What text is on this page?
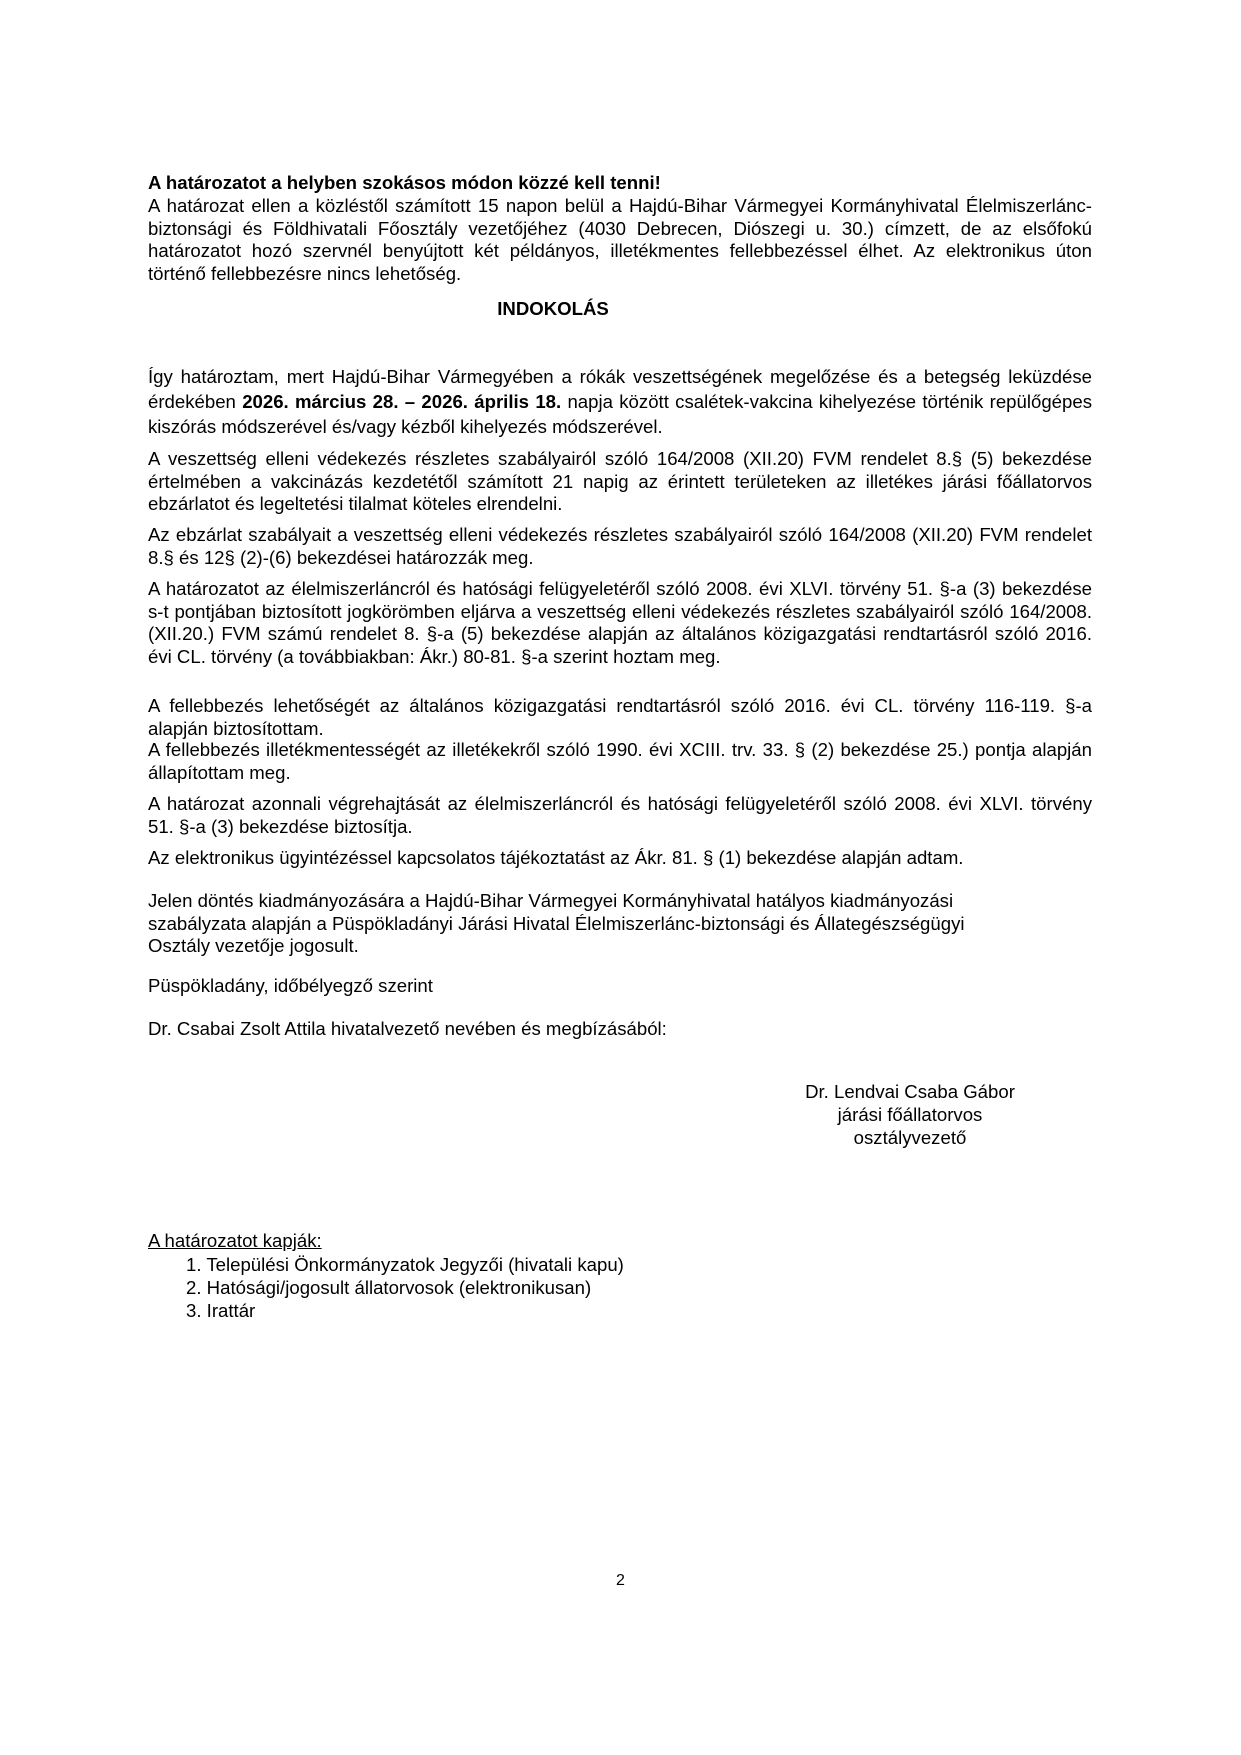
A határozatot a helyben szokásos módon közzé kell tenni!

A határozat ellen a közléstől számított 15 napon belül a Hajdú-Bihar Vármegyei Kormányhivatal Élelmiszerlánc-biztonsági és Földhivatali Főosztály vezetőjéhez (4030 Debrecen, Diószegi u. 30.) címzett, de az elsőfokú határozatot hozó szervnél benyújtott két példányos, illetékmentes fellebbezéssel élhet. Az elektronikus úton történő fellebbezésre nincs lehetőség.

INDOKOLÁS

Így határoztam, mert Hajdú-Bihar Vármegyében a rókák veszettségének megelőzése és a betegség leküzdése érdekében 2026. március 28. – 2026. április 18. napja között csalétek-vakcina kihelyezése történik repülőgépes kiszórás módszerével és/vagy kézből kihelyezés módszerével.

A veszettség elleni védekezés részletes szabályairól szóló 164/2008 (XII.20) FVM rendelet 8.§ (5) bekezdése értelmében a vakcinázás kezdetétől számított 21 napig az érintett területeken az illetékes járási főállatorvos ebzárlatot és legeltetési tilalmat köteles elrendelni.

Az ebzárlat szabályait a veszettség elleni védekezés részletes szabályairól szóló 164/2008 (XII.20) FVM rendelet 8.§ és 12§ (2)-(6) bekezdései határozzák meg.

A határozatot az élelmiszerláncról és hatósági felügyeletéről szóló 2008. évi XLVI. törvény 51. §-a (3) bekezdése s-t pontjában biztosított jogkörömben eljárva a veszettség elleni védekezés részletes szabályairól szóló 164/2008. (XII.20.) FVM számú rendelet 8. §-a (5) bekezdése alapján az általános közigazgatási rendtartásról szóló 2016. évi CL. törvény (a továbbiakban: Ákr.) 80-81. §-a szerint hoztam meg.

A fellebbezés lehetőségét az általános közigazgatási rendtartásról szóló 2016. évi CL. törvény 116-119. §-a alapján biztosítottam.

A fellebbezés illetékmentességét az illetékekről szóló 1990. évi XCIII. trv. 33. § (2) bekezdése 25.) pontja alapján állapítottam meg.

A határozat azonnali végrehajtását az élelmiszerláncról és hatósági felügyeletéről szóló 2008. évi XLVI. törvény 51. §-a (3) bekezdése biztosítja.

Az elektronikus ügyintézéssel kapcsolatos tájékoztatást az Ákr. 81. § (1) bekezdése alapján adtam.

Jelen döntés kiadmányozására a Hajdú-Bihar Vármegyei Kormányhivatal hatályos kiadmányozási szabályzata alapján a Püspökladányi Járási Hivatal Élelmiszerlánc-biztonsági és Állategészségügyi Osztály vezetője jogosult.

Püspökladány, időbélyegző szerint

Dr. Csabai Zsolt Attila hivatalvezető nevében és megbízásából:

Dr. Lendvai Csaba Gábor
járási főállatorvos
osztályvezető

A határozatot kapják:

1. Települési Önkormányzatok Jegyzői (hivatali kapu)
2. Hatósági/jogosult állatorvosok (elektronikusan)
3. Irattár
2
